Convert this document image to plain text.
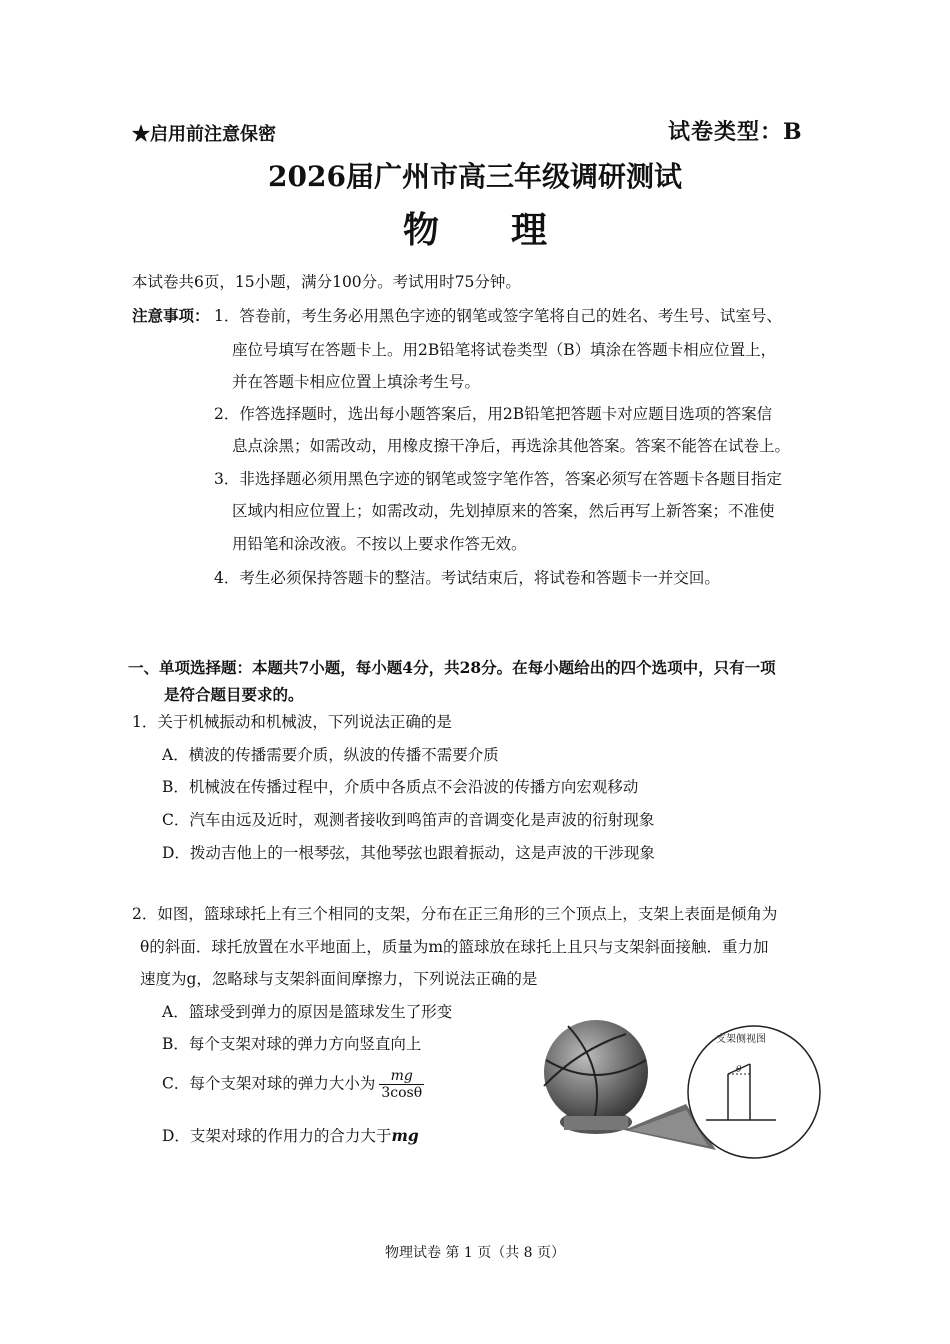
★启用前注意保密	试卷类型：B
2026届广州市高三年级调研测试
物理
本试卷共6页，15小题，满分100分。考试用时75分钟。
注意事项： 1．答卷前，考生务必用黑色字迹的钢笔或签字笔将自己的姓名、考生号、试室号、
座位号填写在答题卡上。用2B铅笔将试卷类型（B）填涂在答题卡相应位置上，
并在答题卡相应位置上填涂考生号。
2．作答选择题时，选出每小题答案后，用2B铅笔把答题卡对应题目选项的答案信
息点涂黑；如需改动，用橡皮擦干净后，再选涂其他答案。答案不能答在试卷上。
3．非选择题必须用黑色字迹的钢笔或签字笔作答，答案必须写在答题卡各题目指定
区域内相应位置上；如需改动，先划掉原来的答案，然后再写上新答案；不准使
用铅笔和涂改液。不按以上要求作答无效。
4．考生必须保持答题卡的整洁。考试结束后，将试卷和答题卡一并交回。
一、单项选择题：本题共7小题，每小题4分，共28分。在每小题给出的四个选项中，只有一项
是符合题目要求的。
1．关于机械振动和机械波，下列说法正确的是
A．横波的传播需要介质，纵波的传播不需要介质
B．机械波在传播过程中，介质中各质点不会沿波的传播方向宏观移动
C．汽车由远及近时，观测者接收到鸣笛声的音调变化是声波的衍射现象
D．拨动吉他上的一根琴弦，其他琴弦也跟着振动，这是声波的干涉现象
2．如图，篮球球托上有三个相同的支架，分布在正三角形的三个顶点上，支架上表面是倾角为
θ的斜面．球托放置在水平地面上，质量为m的篮球放在球托上且只与支架斜面接触．重力加
速度为g，忽略球与支架斜面间摩擦力，下列说法正确的是
A．篮球受到弹力的原因是篮球发生了形变
B．每个支架对球的弹力方向竖直向上
C．每个支架对球的弹力大小为 $\frac{mg}{3\cos\theta}$
D．支架对球的作用力的合力大于mg
支架侧视图
θ
物理试卷 第 1 页（共 8 页）
